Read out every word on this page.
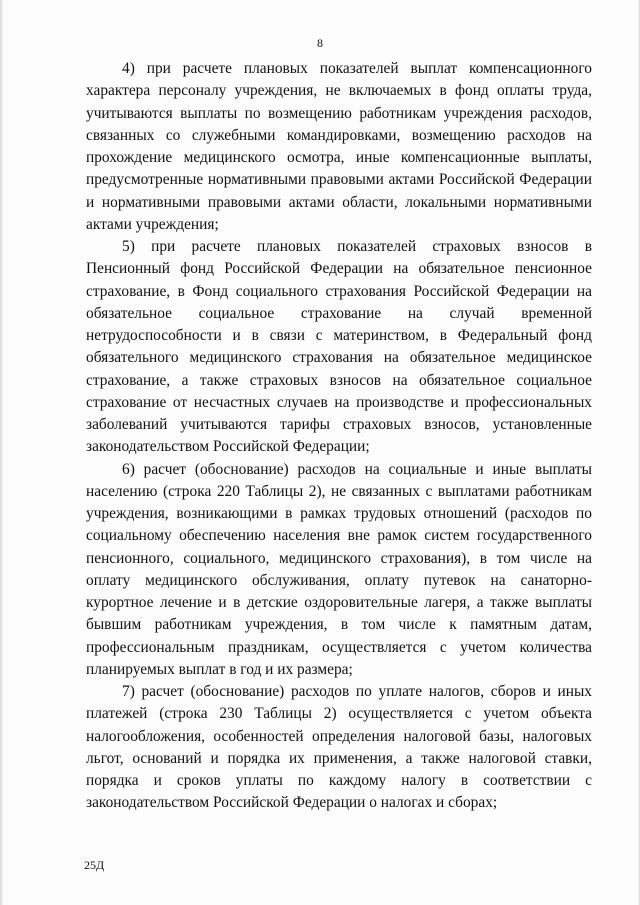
8

4) при расчете плановых показателей выплат компенсационного характера персоналу учреждения, не включаемых в фонд оплаты труда, учитываются выплаты по возмещению работникам учреждения расходов, связанных со служебными командировками, возмещению расходов на прохождение медицинского осмотра, иные компенсационные выплаты, предусмотренные нормативными правовыми актами Российской Федерации и нормативными правовыми актами области, локальными нормативными актами учреждения;

5) при расчете плановых показателей страховых взносов в Пенсионный фонд Российской Федерации на обязательное пенсионное страхование, в Фонд социального страхования Российской Федерации на обязательное социальное страхование на случай временной нетрудоспособности и в связи с материнством, в Федеральный фонд обязательного медицинского страхования на обязательное медицинское страхование, а также страховых взносов на обязательное социальное страхование от несчастных случаев на производстве и профессиональных заболеваний учитываются тарифы страховых взносов, установленные законодательством Российской Федерации;

6) расчет (обоснование) расходов на социальные и иные выплаты населению (строка 220 Таблицы 2), не связанных с выплатами работникам учреждения, возникающими в рамках трудовых отношений (расходов по социальному обеспечению населения вне рамок систем государственного пенсионного, социального, медицинского страхования), в том числе на оплату медицинского обслуживания, оплату путевок на санаторно-курортное лечение и в детские оздоровительные лагеря, а также выплаты бывшим работникам учреждения, в том числе к памятным датам, профессиональным праздникам, осуществляется с учетом количества планируемых выплат в год и их размера;

7) расчет (обоснование) расходов по уплате налогов, сборов и иных платежей (строка 230 Таблицы 2) осуществляется с учетом объекта налогообложения, особенностей определения налоговой базы, налоговых льгот, оснований и порядка их применения, а также налоговой ставки, порядка и сроков уплаты по каждому налогу в соответствии с законодательством Российской Федерации о налогах и сборах;

25Д
